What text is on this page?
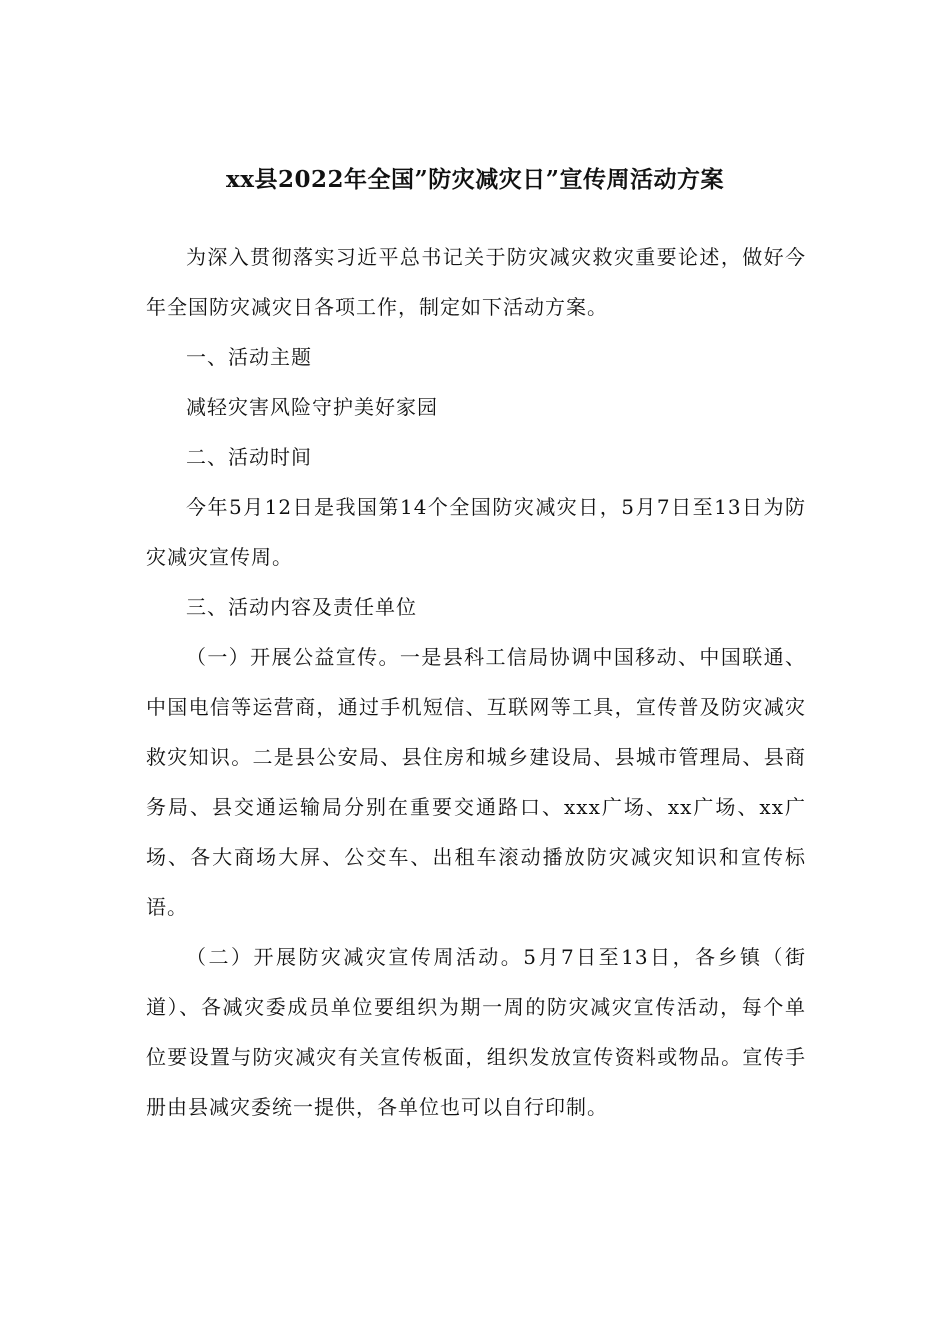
xx县2022年全国”防灾减灾日”宣传周活动方案

为深入贯彻落实习近平总书记关于防灾减灾救灾重要论述，做好今年全国防灾减灾日各项工作，制定如下活动方案。

一、活动主题

减轻灾害风险守护美好家园

二、活动时间

今年5月12日是我国第14个全国防灾减灾日，5月7日至13日为防灾减灾宣传周。

三、活动内容及责任单位

（一）开展公益宣传。一是县科工信局协调中国移动、中国联通、中国电信等运营商，通过手机短信、互联网等工具，宣传普及防灾减灾救灾知识。二是县公安局、县住房和城乡建设局、县城市管理局、县商务局、县交通运输局分别在重要交通路口、xxx广场、xx广场、xx广场、各大商场大屏、公交车、出租车滚动播放防灾减灾知识和宣传标语。

（二）开展防灾减灾宣传周活动。5月7日至13日，各乡镇（街道）、各减灾委成员单位要组织为期一周的防灾减灾宣传活动，每个单位要设置与防灾减灾有关宣传板面，组织发放宣传资料或物品。宣传手册由县减灾委统一提供，各单位也可以自行印制。
